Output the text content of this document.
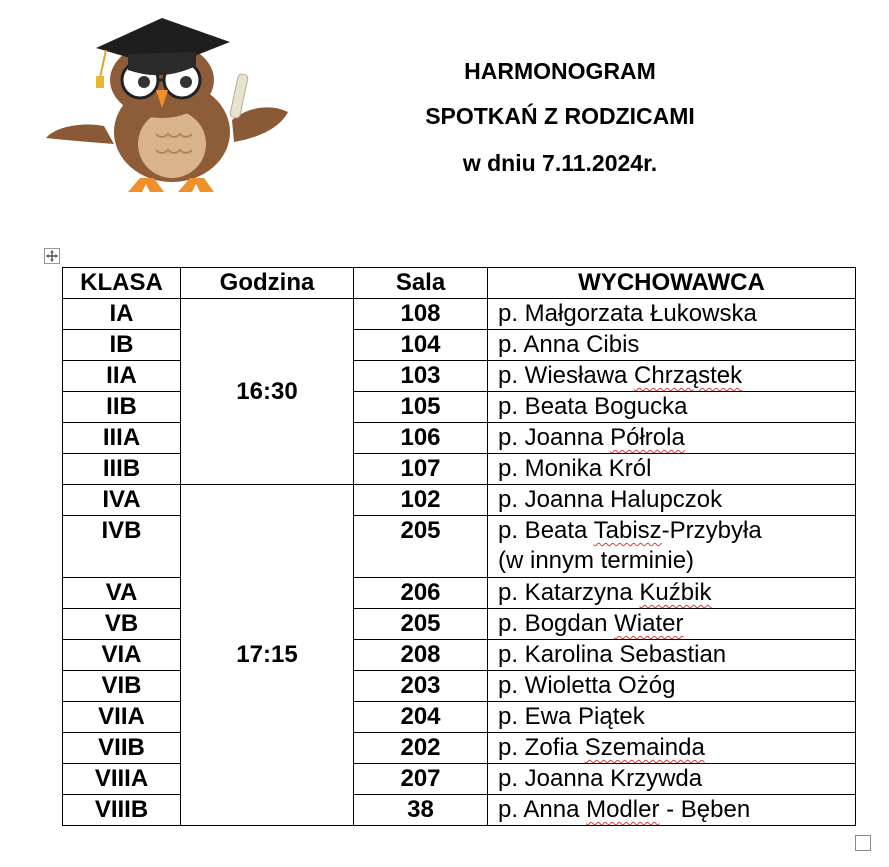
HARMONOGRAM
SPOTKAŃ Z RODZICAMI
w dniu 7.11.2024r.
KLASA	Godzina	Sala	WYCHOWAWCA
IA	16:30	108	p. Małgorzata Łukowska
IB		104	p. Anna Cibis
IIA		103	p. Wiesława Chrząstek
IIB		105	p. Beata Bogucka
IIIA		106	p. Joanna Półrola
IIIB		107	p. Monika Król
IVA	17:15	102	p. Joanna Halupczok
IVB		205	p. Beata Tabisz-Przybyła
(w innym terminie)
VA		206	p. Katarzyna Kuźbik
VB		205	p. Bogdan Wiater
VIA		208	p. Karolina Sebastian
VIB		203	p. Wioletta Ożóg
VIIA		204	p. Ewa Piątek
VIIB		202	p. Zofia Szemainda
VIIIA		207	p. Joanna Krzywda
VIIIB		38	p. Anna Modler - Bęben
